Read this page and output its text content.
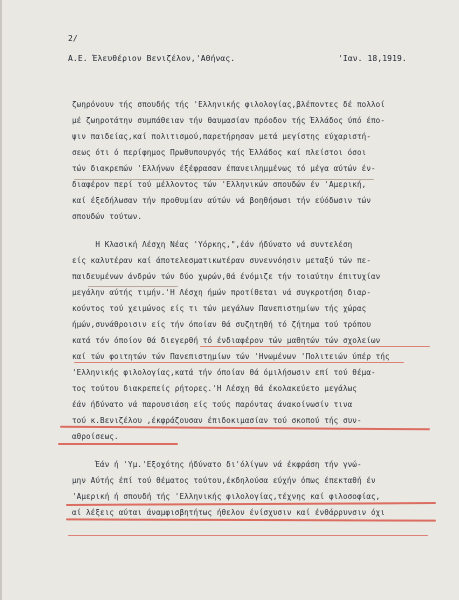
2/
Α.Ε. Έλευθέριον Βενιζέλον,'Αθήνας.	'Ιαν. 18,1919.
ζωηρόνουν τής σπουδής τής 'Ελληνικής φιλολογίας,βλέποντες δέ πολλοί
μέ ζωηροτάτην συμπάθειαν τήν θαυμασίαν πρόοδον τής Έλλάδος ύπό έπο-
ψιν παιδείας,καί πολιτισμού,παρετήρησαν μετά μεγίστης εύχαριστή-
σεως ότι ό περίφημος Πρωθυπουργός τής Έλλάδος καί πλείστοι όσοι
τών διακρεπών 'Ελλήνων έξέφρασαν έπανειλημμένως τό μέγα αύτών έν-
διαφέρον περί τού μέλλοντος τών 'Ελληνικών σπουδών έν 'Αμερική,
καί έξεδήλωσαν τήν προθυμίαν αύτών νά βοηθήσωσι τήν εύόδωσιν τών
σπουδών τούτων.
Η Κλασική Λέσχη Νέας 'Υόρκης,",έάν ήδύνατο νά συντελέση
είς καλυτέραν καί άποτελεσματικωτέραν συνεννόησιν μεταξύ τών πε-
παιδευμένων άνδρών τών δύο χωρών,θά ένόμιζε τήν τοιαύτην έπιτυχίαν
μεγάλην αύτής τιμήν.'Η Λέσχη ήμών προτίθεται νά συγκροτήση διαρ-
κούντος τού χειμώνος είς τι τών μεγάλων Πανεπιστημίων τής χώρας
ήμών,συνάθροισιν είς τήν όποίαν θά συζητηθή τό ζήτημα τού τρόπου
κατά τόν όποίον θά διεγερθή τό ένδιαφέρον τών μαθητών τών σχολείων
καί τών φοιτητών τών Πανεπιστημίων τών 'Ηνωμένων 'Πολιτειών ύπέρ τής
'Ελληνικής φιλολογίας,κατά τήν όποίαν θά όμιλήσωσιν επί τού θέμα-
τος τούτου διακρεπείς ρήτορες.'Η Λέσχη θά έκολακεύετο μεγάλως
έάν ήδύνατο νά παρουσιάση είς τούς παρόντας άνακοίνωσίν τινα
τού κ.Βενιζέλου ,έκφράζουσαν έπιδοκιμασίαν τού σκοπού τής συν-
αθροίσεως.
Έάν ή 'Υμ.'Εξοχότης ήδύνατο δι'όλίγων νά έκφράση τήν γνώ-
μην Αύτής έπί τού θέματος τούτου,έκδηλούσα εύχήν όπως έπεκταθή έν
'Αμερική ή σπουδή τής 'Ελληνικής φιλολογίας,τέχνης καί φιλοσοφίας,
αί λέξεις αύται άναμφισβητήτως ήθελον ένίσχυσιν καί ένθάρρυνσιν όχι
